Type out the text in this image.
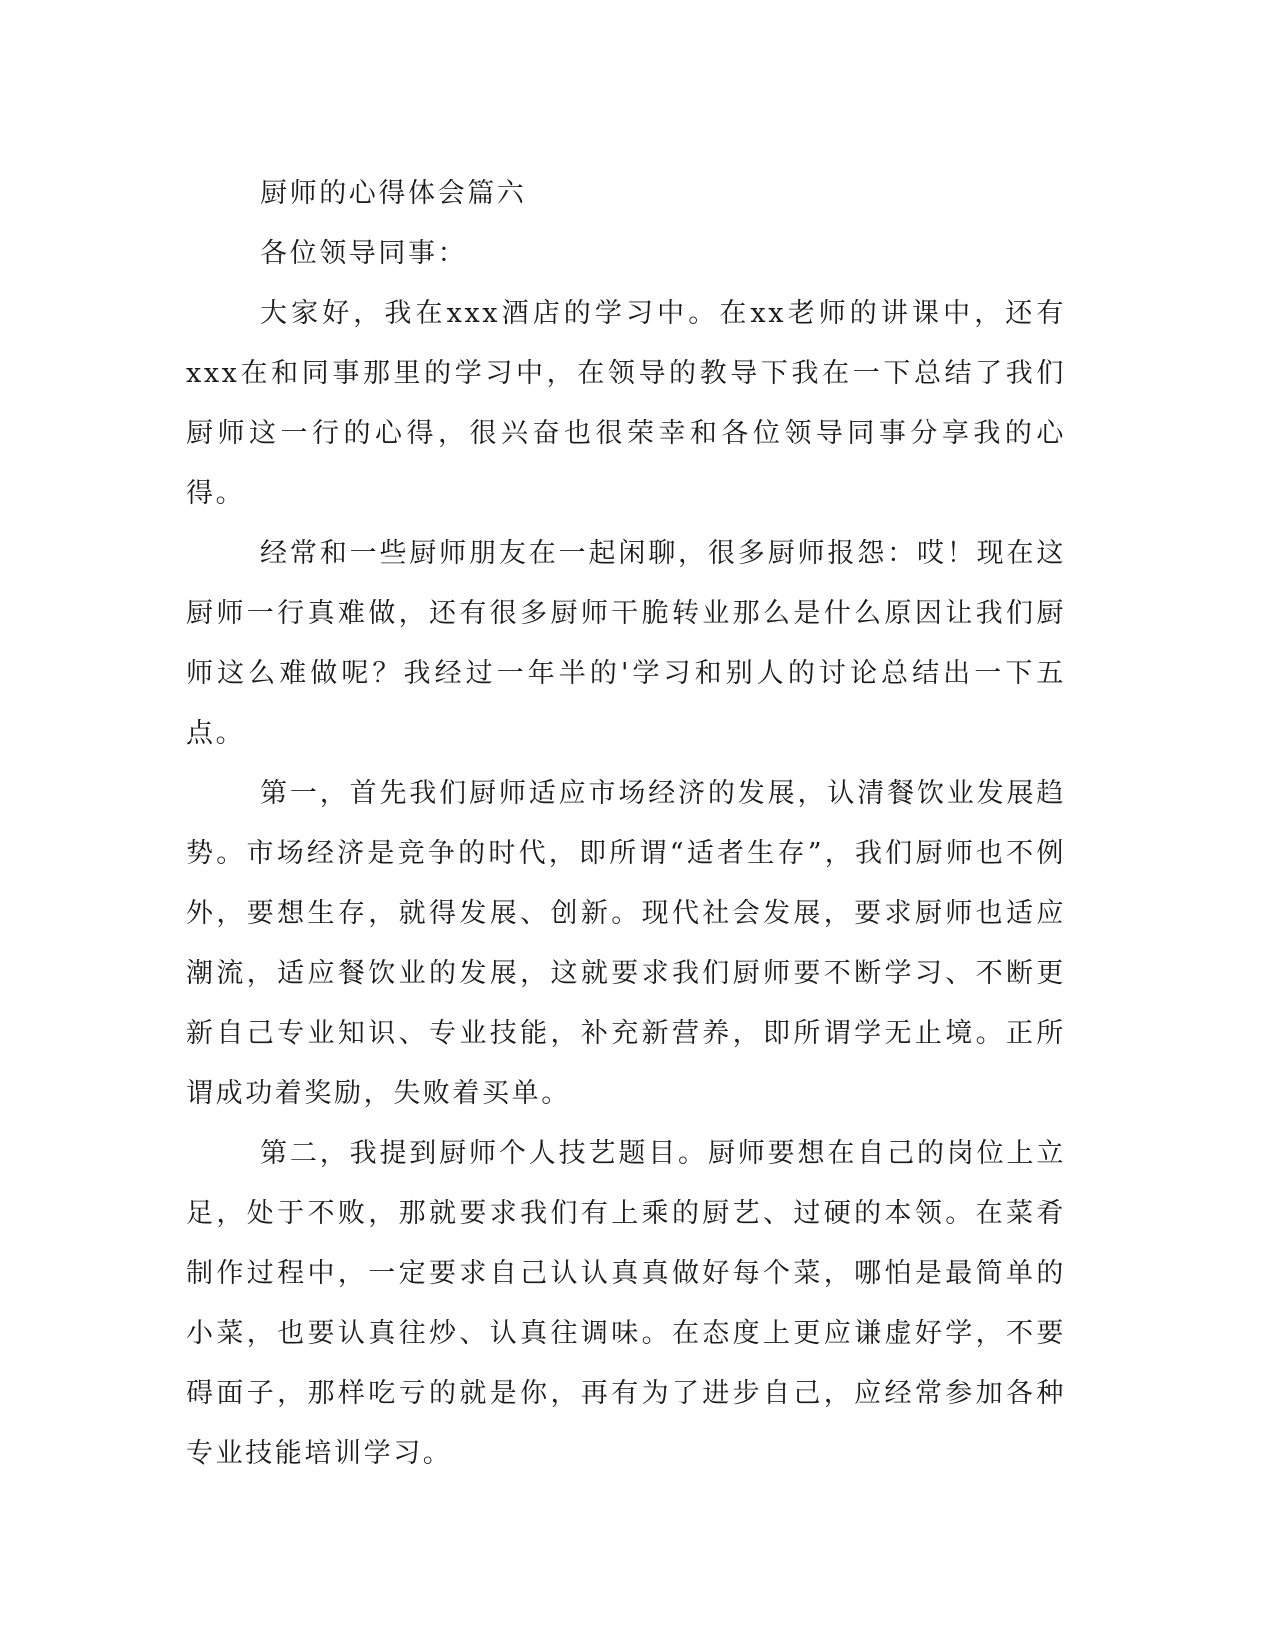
厨师的心得体会篇六

各位领导同事：

大家好，我在xxx酒店的学习中。在xx老师的讲课中，还有xxx在和同事那里的学习中，在领导的教导下我在一下总结了我们厨师这一行的心得，很兴奋也很荣幸和各位领导同事分享我的心得。

经常和一些厨师朋友在一起闲聊，很多厨师报怨：哎！现在这厨师一行真难做，还有很多厨师干脆转业那么是什么原因让我们厨师这么难做呢？我经过一年半的'学习和别人的讨论总结出一下五点。

第一，首先我们厨师适应市场经济的发展，认清餐饮业发展趋势。市场经济是竞争的时代，即所谓“适者生存”，我们厨师也不例外，要想生存，就得发展、创新。现代社会发展，要求厨师也适应潮流，适应餐饮业的发展，这就要求我们厨师要不断学习、不断更新自己专业知识、专业技能，补充新营养，即所谓学无止境。正所谓成功着奖励，失败着买单。

第二，我提到厨师个人技艺题目。厨师要想在自己的岗位上立足，处于不败，那就要求我们有上乘的厨艺、过硬的本领。在菜肴制作过程中，一定要求自己认认真真做好每个菜，哪怕是最简单的小菜，也要认真往炒、认真往调味。在态度上更应谦虚好学，不要碍面子，那样吃亏的就是你，再有为了进步自己，应经常参加各种专业技能培训学习。
